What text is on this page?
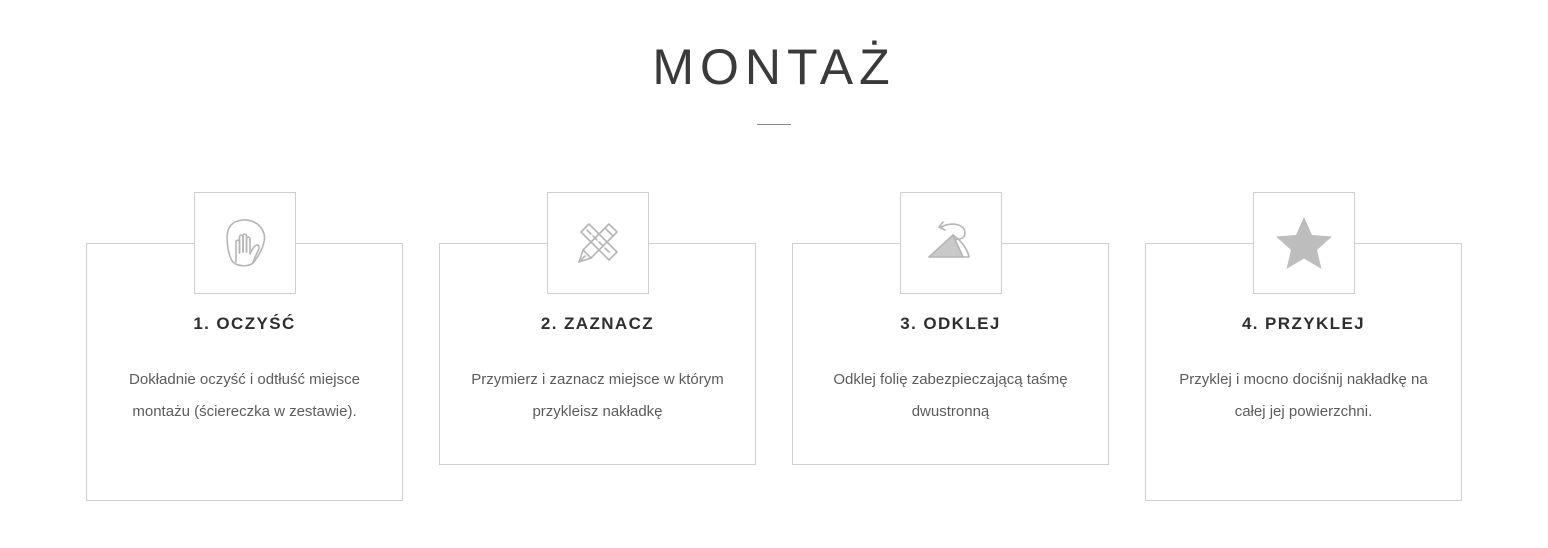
MONTAŻ
1. OCZYŚĆ

Dokładnie oczyść i odtłuść miejsce montażu (ściereczka w zestawie).

2. ZAZNACZ

Przymierz i zaznacz miejsce w którym przykleisz nakładkę

3. ODKLEJ

Odklej folię zabezpieczającą taśmę dwustronną

4. PRZYKLEJ

Przyklej i mocno dociśnij nakładkę na całej jej powierzchni.
